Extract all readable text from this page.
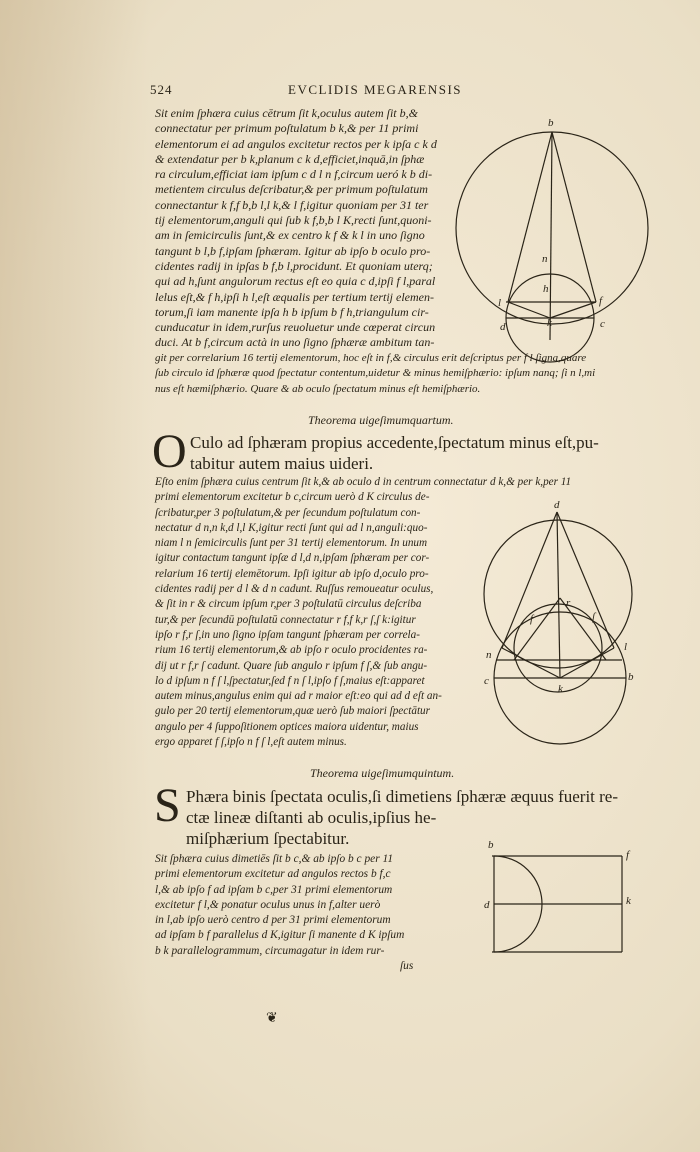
524	EVCLIDIS MEGARENSIS

Sit enim ſphæra cuius cētrum ſit k,oculus autem ſit b,&

connectatur per primum poſtulatum b k,& per 11 primi

elementorum ei ad angulos excitetur rectos per k ipſa c k d

& extendatur per b k,planum c k d,efficiet,inquā,in ſphæ

ra circulum,efficiat iam ipſum c d l n f,circum ueró k b di-

metientem circulus deſcribatur,& per primum poſtulatum

connectantur k f,f b,b l,l k,& l f,igitur quoniam per 31 ter

tij elementorum,anguli qui ſub k f,b,b l K,recti ſunt,quoni-

am in ſemicirculis ſunt,& ex centro k f & k l in uno ſigno

tangunt b l,b f,ipſam ſphæram. Igitur ab ipſo b oculo pro-

cidentes radij in ipſas b f,b l,procidunt. Et quoniam uterq;

qui ad h,ſunt angulorum rectus eſt eo quia c d,ipſi f l,paral

lelus eſt,& f h,ipſi h l,eſt æqualis per tertium tertij elemen-

torum,ſi iam manente ipſa h b ipſum b f h,triangulum cir-

cunducatur in idem,rurſus reuoluetur unde cœperat circun

duci. At b f,circum actà in uno ſigno ſphæræ ambitum tan-

git per correlarium 16 tertij elementorum, hoc eſt in f,& circulus erit deſcriptus per f l ſigna,quare

ſub circulo id ſphæræ quod ſpectatur contentum,uidetur & minus hemiſphærio: ipſum nanq; ſi n l,mi

nus eſt hæmiſphærio. Quare & ab oculo ſpectatum minus eſt hemiſphærio.

Theorema uigeſimumquartum.
O Culo ad ſphæram propius accedente,ſpectatum minus eſt,pu-
tabitur autem maius uideri.

Eſto enim ſphæra cuius centrum ſit k,& ab oculo d in centrum connectatur d k,& per k,per 11

primi elementorum excitetur b c,circum uerò d K circulus de-

ſcribatur,per 3 poſtulatum,& per ſecundum poſtulatum con-

nectatur d n,n k,d l,l K,igitur recti ſunt qui ad l n,anguli:quo-

niam l n ſemicirculis ſunt per 31 tertij elementorum. In unum

igitur contactum tangunt ipſæ d l,d n,ipſam ſphæram per cor-

relarium 16 tertij elemētorum. Ipſi igitur ab ipſo d,oculo pro-

cidentes radij per d l & d n cadunt. Ruſſus remoueatur oculus,

& ſit in r & circum ipſum r,per 3 poſtulatū circulus deſcriba

tur,& per ſecundū poſtulatū connectatur r f,f k,r ſ,ſ k:igitur

ipſo r f,r ſ,in uno ſigno ipſam tangunt ſphæram per correla-

rium 16 tertij elementorum,& ab ipſo r oculo procidentes ra-

dij ut r f,r ſ cadunt. Quare ſub angulo r ipſum f ſ,& ſub angu-

lo d ipſum n f ſ l,ſpectatur,ſed f n ſ l,ipſo f ſ,maius eſt:apparet

autem minus,angulus enim qui ad r maior eſt:eo qui ad d eſt an-

gulo per 20 tertij elementorum,quæ uerò ſub maiori ſpectātur

angulo per 4 ſuppoſitionem optices maiora uidentur, maius

ergo apparet f ſ,ipſo n f ſ l,eſt autem minus.

Theorema uigeſimumquintum.
S Phæra binis ſpectata oculis,ſi dimetiens ſphæræ æquus fuerit re-
ctæ lineæ diſtanti ab oculis,ipſius he-
miſphærium ſpectabitur.

Sit ſphæra cuius dimetiēs ſit b c,& ab ipſo b c per 11

primi elementorum excitetur ad angulos rectos b f,c

l,& ab ipſo f ad ipſam b c,per 31 primi elementorum

excitetur f l,& ponatur oculus unus in f,alter uerò

in l,ab ipſo uerò centro d per 31 primi elementorum

ad ipſam b f parallelus d K,igitur ſi manente d K ipſum

b k parallelogrammum, circumagatur in idem rur-

ſus

b
n
h
l	f
d	k	c
d
f	ſ
n
l
r
c	b
k
b
f
d	k
❦
